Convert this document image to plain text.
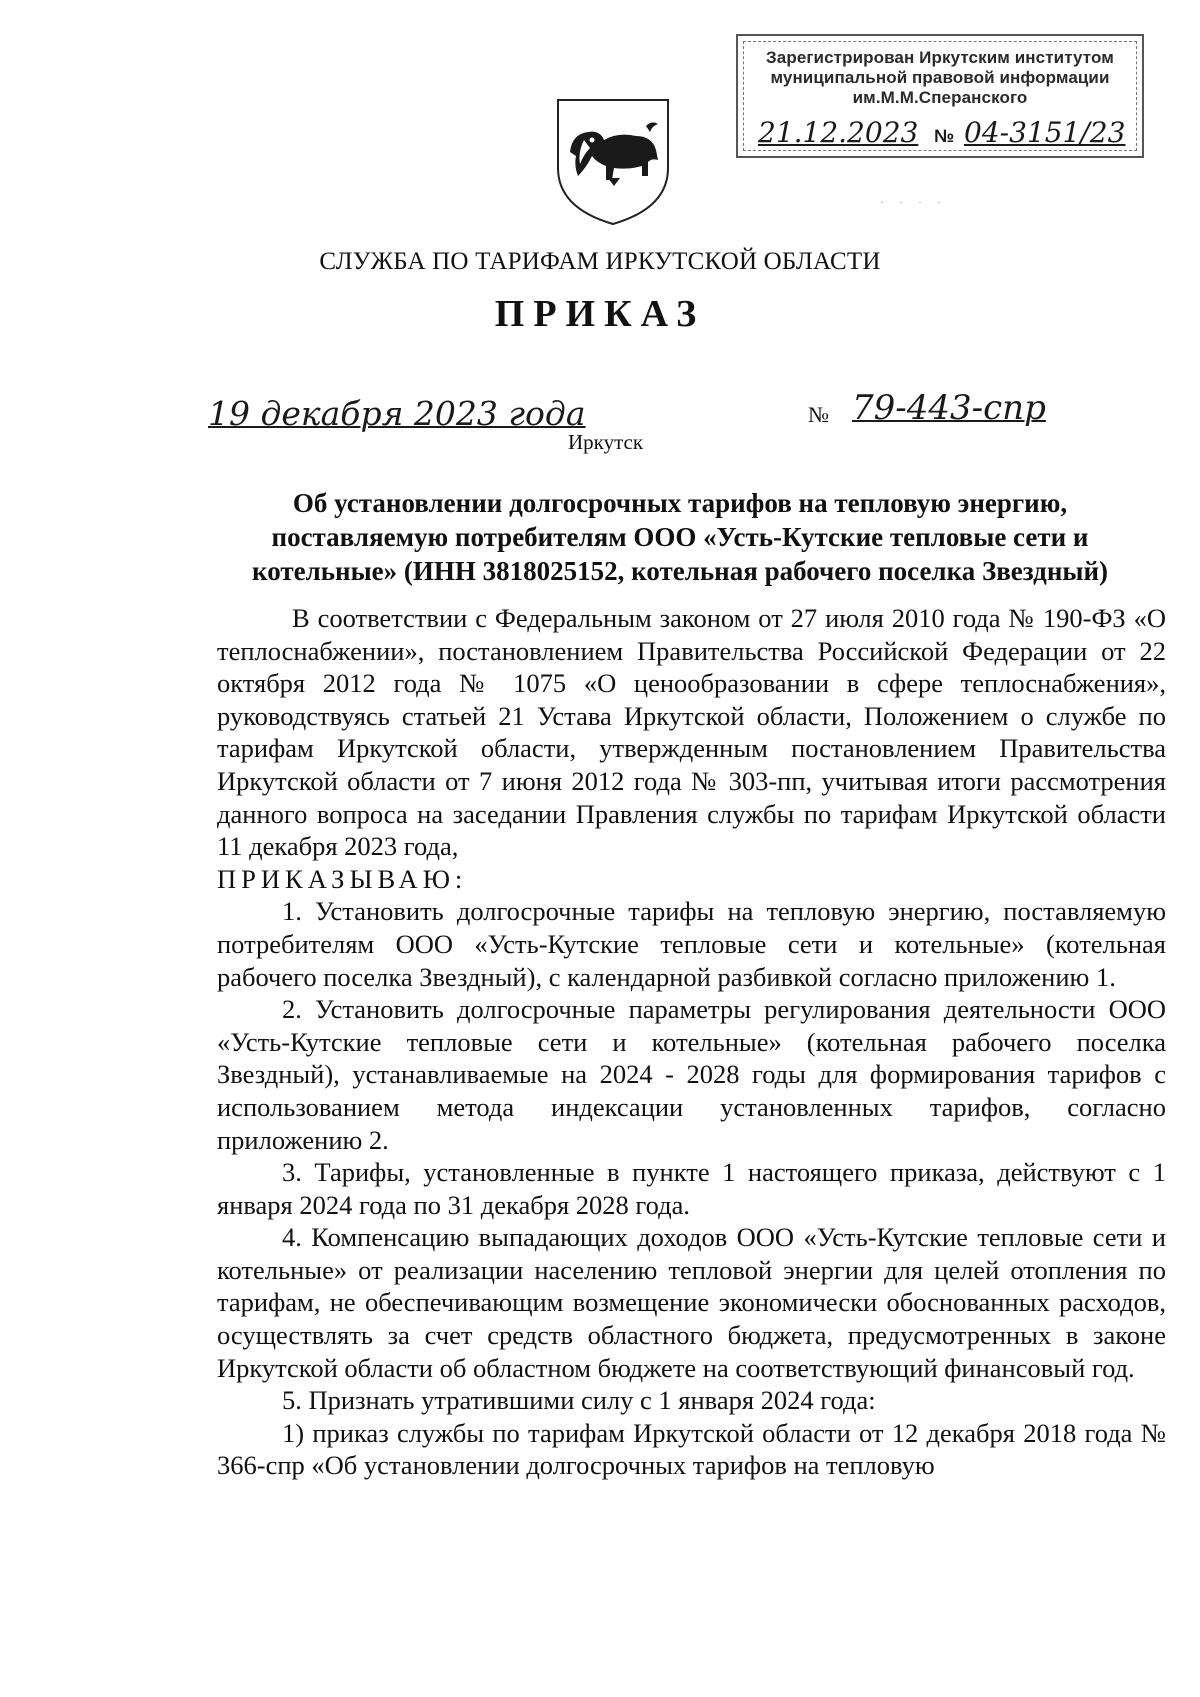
Зарегистрирован Иркутским институтом
муниципальной правовой информации
им.М.М.Сперанского
21.12.2023 № 04-3151/23
· · · ·
СЛУЖБА ПО ТАРИФАМ ИРКУТСКОЙ ОБЛАСТИ
ПРИКАЗ
19 декабря 2023 года
Иркутск
№ 79-443-спр
Об установлении долгосрочных тарифов на тепловую энергию,
поставляемую потребителям ООО «Усть-Кутские тепловые сети и
котельные» (ИНН 3818025152, котельная рабочего поселка Звездный)

В соответствии с Федеральным законом от 27 июля 2010 года № 190-ФЗ «О теплоснабжении», постановлением Правительства Российской Федерации от 22 октября 2012 года № 1075 «О ценообразовании в сфере теплоснабжения», руководствуясь статьей 21 Устава Иркутской области, Положением о службе по тарифам Иркутской области, утвержденным постановлением Правительства Иркутской области от 7 июня 2012 года № 303-пп, учитывая итоги рассмотрения данного вопроса на заседании Правления службы по тарифам Иркутской области 11 декабря 2023 года,

ПРИКАЗЫВАЮ:

1. Установить долгосрочные тарифы на тепловую энергию, поставляемую потребителям ООО «Усть-Кутские тепловые сети и котельные» (котельная рабочего поселка Звездный), с календарной разбивкой согласно приложению 1.

2. Установить долгосрочные параметры регулирования деятельности ООО «Усть-Кутские тепловые сети и котельные» (котельная рабочего поселка Звездный), устанавливаемые на 2024 - 2028 годы для формирования тарифов с использованием метода индексации установленных тарифов, согласно приложению 2.

3. Тарифы, установленные в пункте 1 настоящего приказа, действуют с 1 января 2024 года по 31 декабря 2028 года.

4. Компенсацию выпадающих доходов ООО «Усть-Кутские тепловые сети и котельные» от реализации населению тепловой энергии для целей отопления по тарифам, не обеспечивающим возмещение экономически обоснованных расходов, осуществлять за счет средств областного бюджета, предусмотренных в законе Иркутской области об областном бюджете на соответствующий финансовый год.

5. Признать утратившими силу с 1 января 2024 года:

1) приказ службы по тарифам Иркутской области от 12 декабря 2018 года № 366-спр «Об установлении долгосрочных тарифов на тепловую
